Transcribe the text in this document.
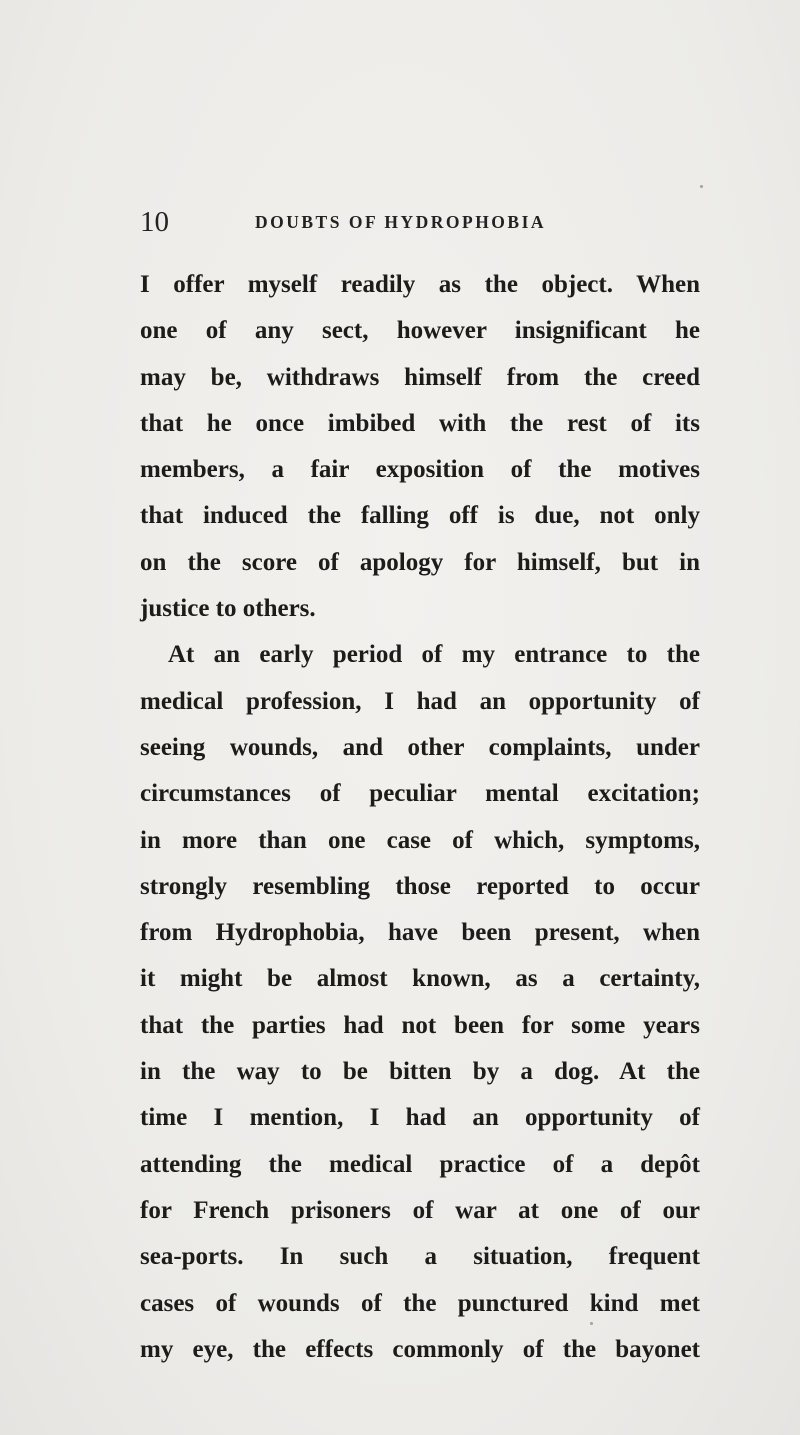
10	DOUBTS OF HYDROPHOBIA
I offer myself readily as the object. When
one of any sect, however insignificant he
may be, withdraws himself from the creed
that he once imbibed with the rest of its
members, a fair exposition of the motives
that induced the falling off is due, not only
on the score of apology for himself, but in
justice to others.
At an early period of my entrance to the
medical profession, I had an opportunity of
seeing wounds, and other complaints, under
circumstances of peculiar mental excitation;
in more than one case of which, symptoms,
strongly resembling those reported to occur
from Hydrophobia, have been present, when
it might be almost known, as a certainty,
that the parties had not been for some years
in the way to be bitten by a dog. At the
time I mention, I had an opportunity of
attending the medical practice of a depôt
for French prisoners of war at one of our
sea-ports. In such a situation, frequent
cases of wounds of the punctured kind met
my eye, the effects commonly of the bayonet
